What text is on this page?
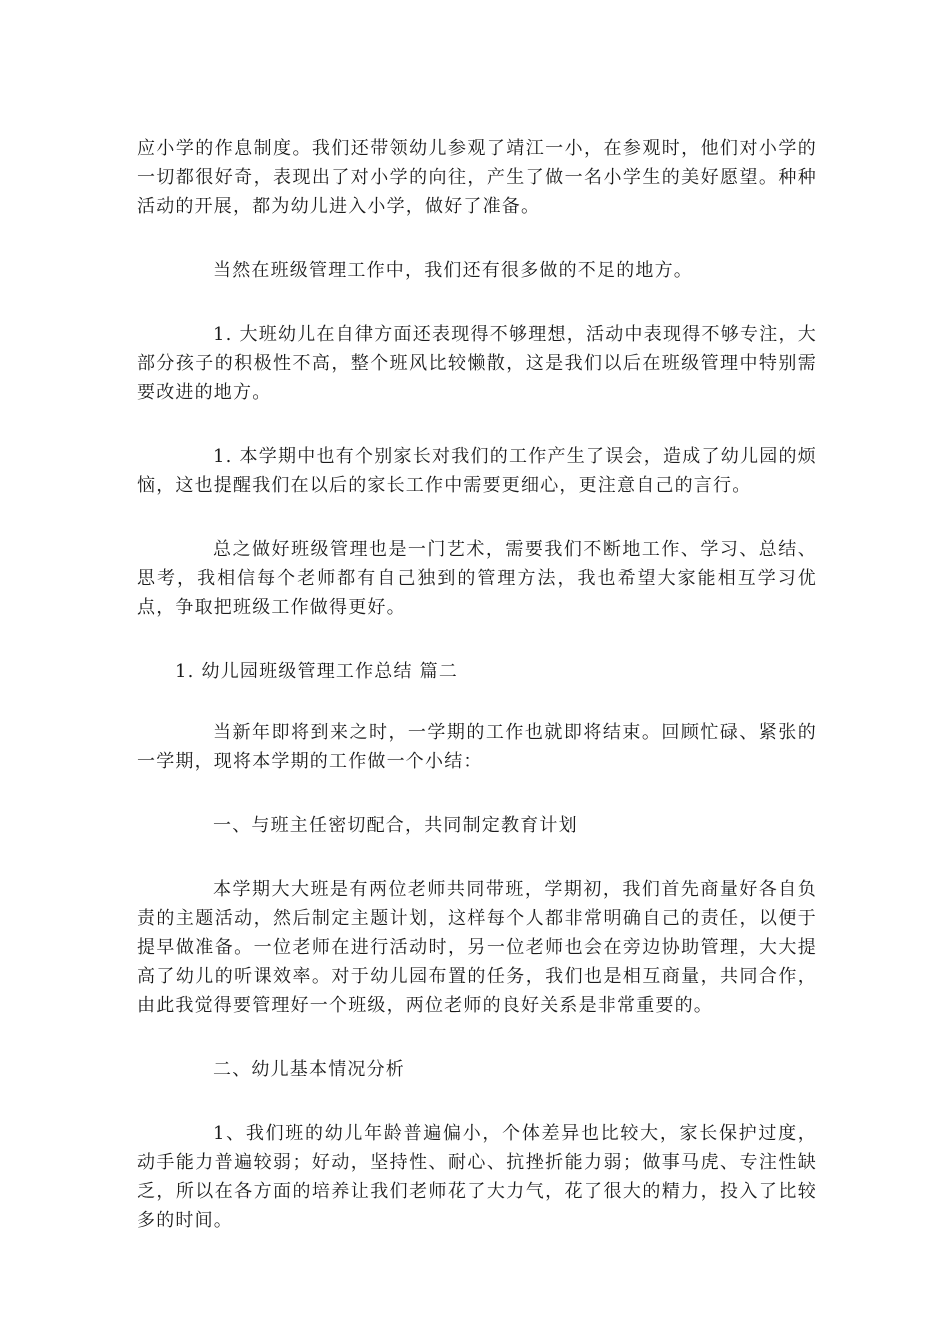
应小学的作息制度。我们还带领幼儿参观了靖江一小，在参观时，他们对小学的一切都很好奇，表现出了对小学的向往，产生了做一名小学生的美好愿望。种种活动的开展，都为幼儿进入小学，做好了准备。

当然在班级管理工作中，我们还有很多做的不足的地方。

1. 大班幼儿在自律方面还表现得不够理想，活动中表现得不够专注，大部分孩子的积极性不高，整个班风比较懒散，这是我们以后在班级管理中特别需要改进的地方。

1. 本学期中也有个别家长对我们的工作产生了误会，造成了幼儿园的烦恼，这也提醒我们在以后的家长工作中需要更细心，更注意自己的言行。

总之做好班级管理也是一门艺术，需要我们不断地工作、学习、总结、思考，我相信每个老师都有自己独到的管理方法，我也希望大家能相互学习优点，争取把班级工作做得更好。

1. 幼儿园班级管理工作总结 篇二

当新年即将到来之时，一学期的工作也就即将结束。回顾忙碌、紧张的一学期，现将本学期的工作做一个小结：

一、与班主任密切配合，共同制定教育计划

本学期大大班是有两位老师共同带班，学期初，我们首先商量好各自负责的主题活动，然后制定主题计划，这样每个人都非常明确自己的责任，以便于提早做准备。一位老师在进行活动时，另一位老师也会在旁边协助管理，大大提高了幼儿的听课效率。对于幼儿园布置的任务，我们也是相互商量，共同合作，由此我觉得要管理好一个班级，两位老师的良好关系是非常重要的。

二、幼儿基本情况分析

1、我们班的幼儿年龄普遍偏小，个体差异也比较大，家长保护过度，动手能力普遍较弱；好动，坚持性、耐心、抗挫折能力弱；做事马虎、专注性缺乏，所以在各方面的培养让我们老师花了大力气，花了很大的精力，投入了比较多的时间。
